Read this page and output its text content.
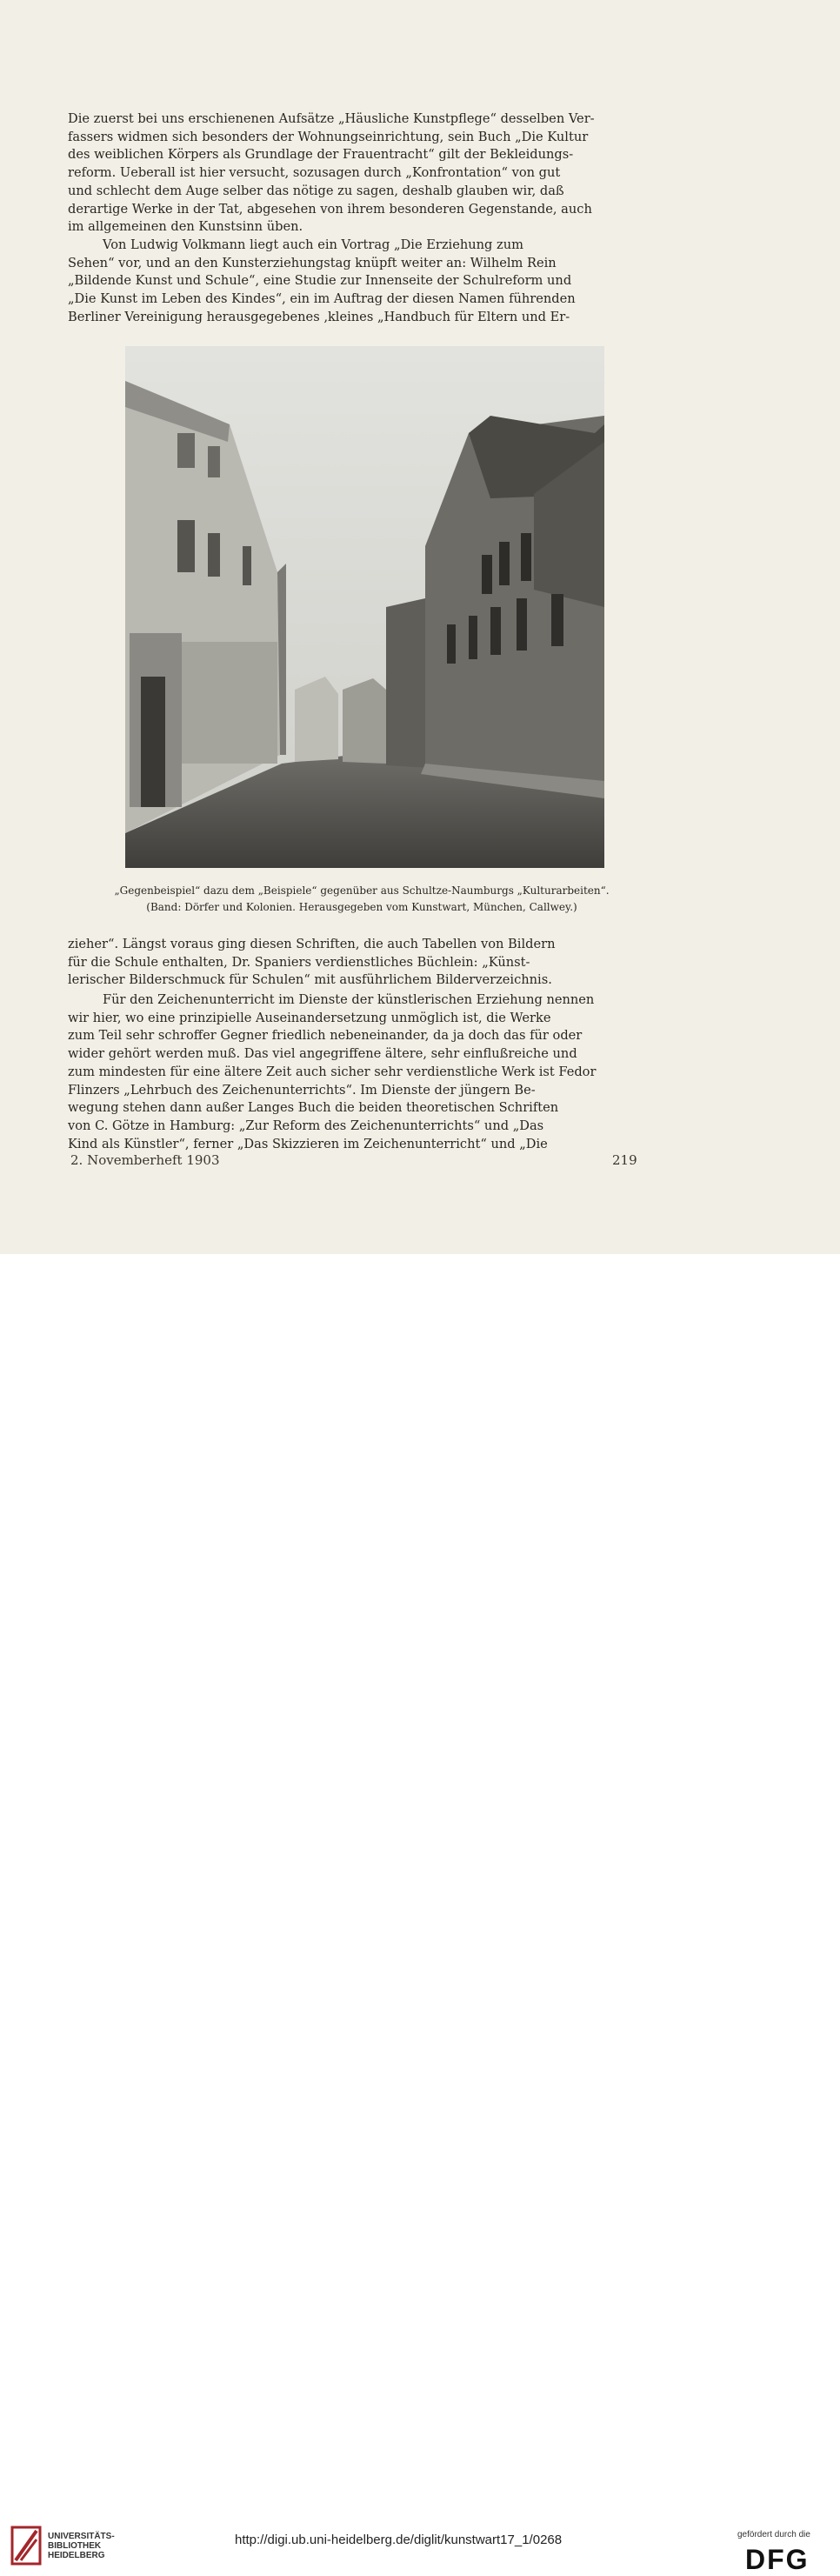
Die zuerst bei uns erschienenen Aufsätze „Häusliche Kunstpflege“ desselben Ver-
fassers widmen sich besonders der Wohnungseinrichtung, sein Buch „Die Kultur
des weiblichen Körpers als Grundlage der Frauentracht“ gilt der Bekleidungs-
reform. Ueberall ist hier versucht, sozusagen durch „Konfrontation“ von gut
und schlecht dem Auge selber das nötige zu sagen, deshalb glauben wir, daß
derartige Werke in der Tat, abgesehen von ihrem besonderen Gegenstande, auch
im allgemeinen den Kunstsinn üben.
Von Ludwig Volkmann liegt auch ein Vortrag „Die Erziehung zum
Sehen“ vor, und an den Kunsterziehungstag knüpft weiter an: Wilhelm Rein
„Bildende Kunst und Schule“, eine Studie zur Innenseite der Schulreform und
„Die Kunst im Leben des Kindes“, ein im Auftrag der diesen Namen führenden
Berliner Vereinigung herausgegebenes ‚kleines „Handbuch für Eltern und Er-
„Gegenbeispiel“ dazu dem „Beispiele“ gegenüber aus Schultze-Naumburgs „Kulturarbeiten“.
(Band: Dörfer und Kolonien. Herausgegeben vom Kunstwart, München, Callwey.)
zieher“. Längst voraus ging diesen Schriften, die auch Tabellen von Bildern
für die Schule enthalten, Dr. Spaniers verdienstliches Büchlein: „Künst-
lerischer Bilderschmuck für Schulen“ mit ausführlichem Bilderverzeichnis.
Für den Zeichenunterricht im Dienste der künstlerischen Erziehung nennen
wir hier, wo eine prinzipielle Auseinandersetzung unmöglich ist, die Werke
zum Teil sehr schroffer Gegner friedlich nebeneinander, da ja doch das für oder
wider gehört werden muß. Das viel angegriffene ältere, sehr einflußreiche und
zum mindesten für eine ältere Zeit auch sicher sehr verdienstliche Werk ist Fedor
Flinzers „Lehrbuch des Zeichenunterrichts“. Im Dienste der jüngern Be-
wegung stehen dann außer Langes Buch die beiden theoretischen Schriften
von C. Götze in Hamburg: „Zur Reform des Zeichenunterrichts“ und „Das
Kind als Künstler“, ferner „Das Skizzieren im Zeichenunterricht“ und „Die
2. Novemberheft 1903	219
UNIVERSITÄTS-
BIBLIOTHEK
HEIDELBERG
http://digi.ub.uni-heidelberg.de/diglit/kunstwart17_1/0268	gefördert durch die
DFG
